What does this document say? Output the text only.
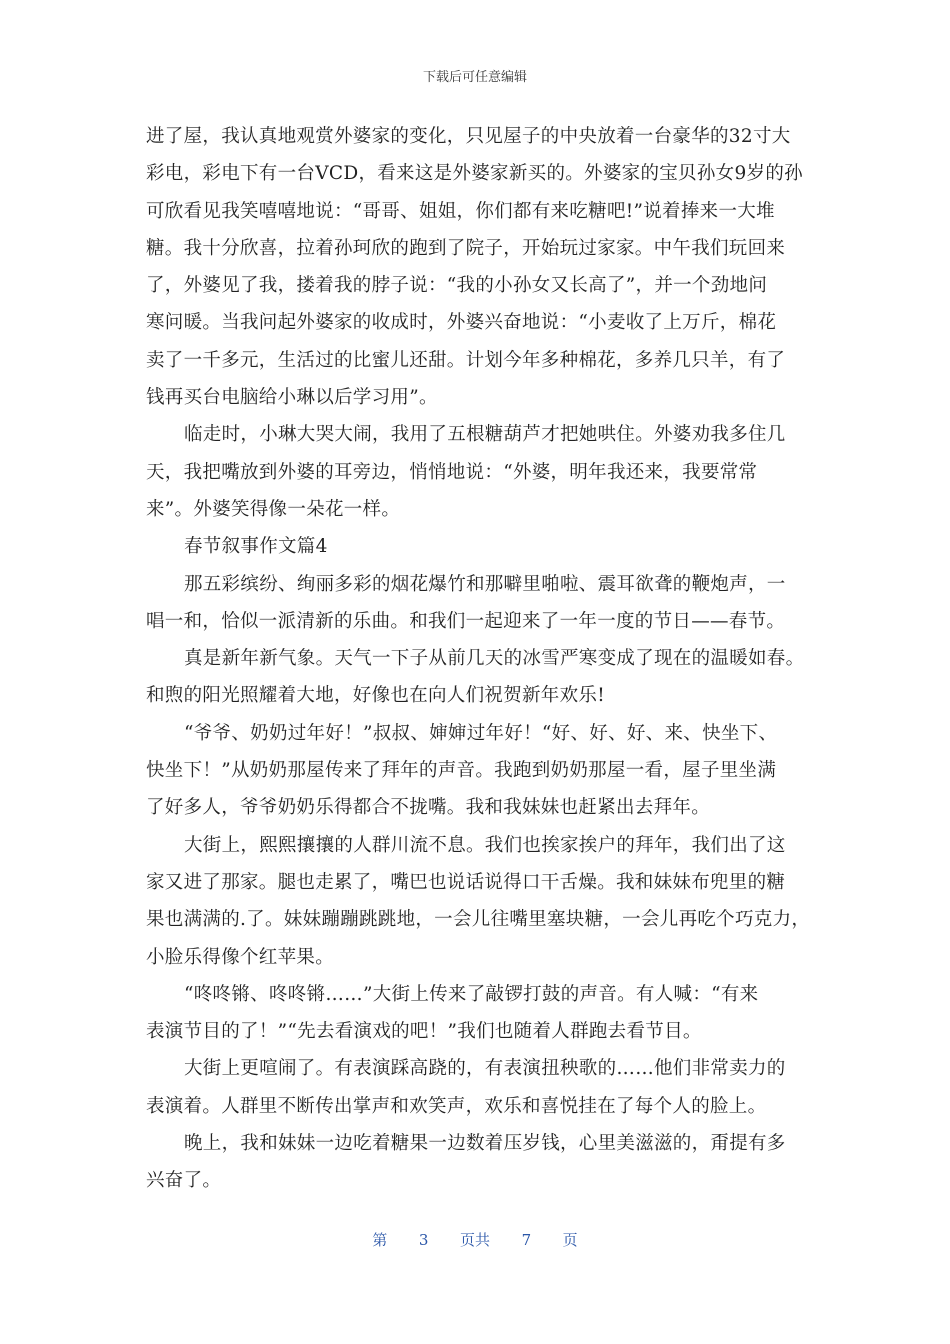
下载后可任意编辑
进了屋，我认真地观赏外婆家的变化，只见屋子的中央放着一台豪华的32寸大
彩电，彩电下有一台VCD，看来这是外婆家新买的。外婆家的宝贝孙女9岁的孙
可欣看见我笑嘻嘻地说：“哥哥、姐姐，你们都有来吃糖吧!”说着捧来一大堆
糖。我十分欣喜，拉着孙珂欣的跑到了院子，开始玩过家家。中午我们玩回来
了，外婆见了我，搂着我的脖子说：“我的小孙女又长高了”，并一个劲地问
寒问暖。当我问起外婆家的收成时，外婆兴奋地说：“小麦收了上万斤，棉花
卖了一千多元，生活过的比蜜儿还甜。计划今年多种棉花，多养几只羊，有了
钱再买台电脑给小琳以后学习用”。
临走时，小琳大哭大闹，我用了五根糖葫芦才把她哄住。外婆劝我多住几
天，我把嘴放到外婆的耳旁边，悄悄地说：“外婆，明年我还来，我要常常
来”。外婆笑得像一朵花一样。
春节叙事作文篇4
那五彩缤纷、绚丽多彩的烟花爆竹和那噼里啪啦、震耳欲聋的鞭炮声，一
唱一和，恰似一派清新的乐曲。和我们一起迎来了一年一度的节日——春节。
真是新年新气象。天气一下子从前几天的冰雪严寒变成了现在的温暖如春。
和煦的阳光照耀着大地，好像也在向人们祝贺新年欢乐!
“爷爷、奶奶过年好！”叔叔、婶婶过年好！“好、好、好、来、快坐下、
快坐下！”从奶奶那屋传来了拜年的声音。我跑到奶奶那屋一看，屋子里坐满
了好多人，爷爷奶奶乐得都合不拢嘴。我和我妹妹也赶紧出去拜年。
大街上，熙熙攘攘的人群川流不息。我们也挨家挨户的拜年，我们出了这
家又进了那家。腿也走累了，嘴巴也说话说得口干舌燥。我和妹妹布兜里的糖
果也满满的.了。妹妹蹦蹦跳跳地，一会儿往嘴里塞块糖，一会儿再吃个巧克力，
小脸乐得像个红苹果。
“咚咚锵、咚咚锵……”大街上传来了敲锣打鼓的声音。有人喊：“有来
表演节目的了！”“先去看演戏的吧！”我们也随着人群跑去看节目。
大街上更喧闹了。有表演踩高跷的，有表演扭秧歌的……他们非常卖力的
表演着。人群里不断传出掌声和欢笑声，欢乐和喜悦挂在了每个人的脸上。
晚上，我和妹妹一边吃着糖果一边数着压岁钱，心里美滋滋的，甭提有多
兴奋了。
第 3 页共 7 页
